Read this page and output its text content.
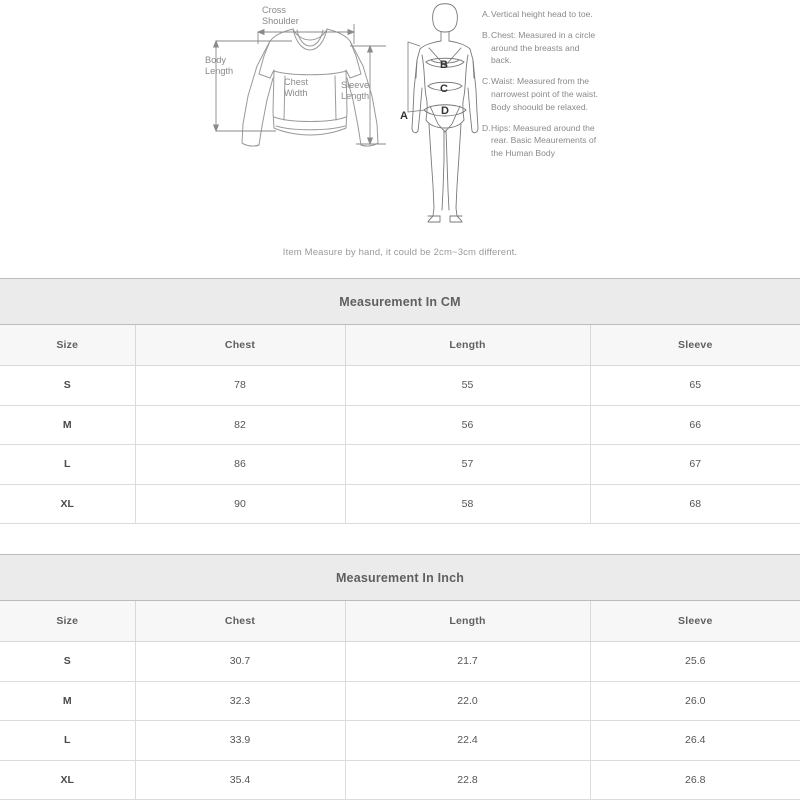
Cross
Shoulder
Body
Length
Chest
Width
Sleeve
Length
B
C
D
A
A. Vertical height head to toe.
B. Chest: Measured in a circle around the breasts and back.
C. Waist: Measured from the narrowest point of the waist. Body shoould be relaxed.
D. Hips: Measured around the rear. Basic Meaurements of the Human Body
Item Measure by hand, it could be 2cm~3cm different.
Measurement In CM			
Size	Chest	Length	Sleeve
S	78	55	65
M	82	56	66
L	86	57	67
XL	90	58	68
Measurement In Inch			
Size	Chest	Length	Sleeve
S	30.7	21.7	25.6
M	32.3	22.0	26.0
L	33.9	22.4	26.4
XL	35.4	22.8	26.8
